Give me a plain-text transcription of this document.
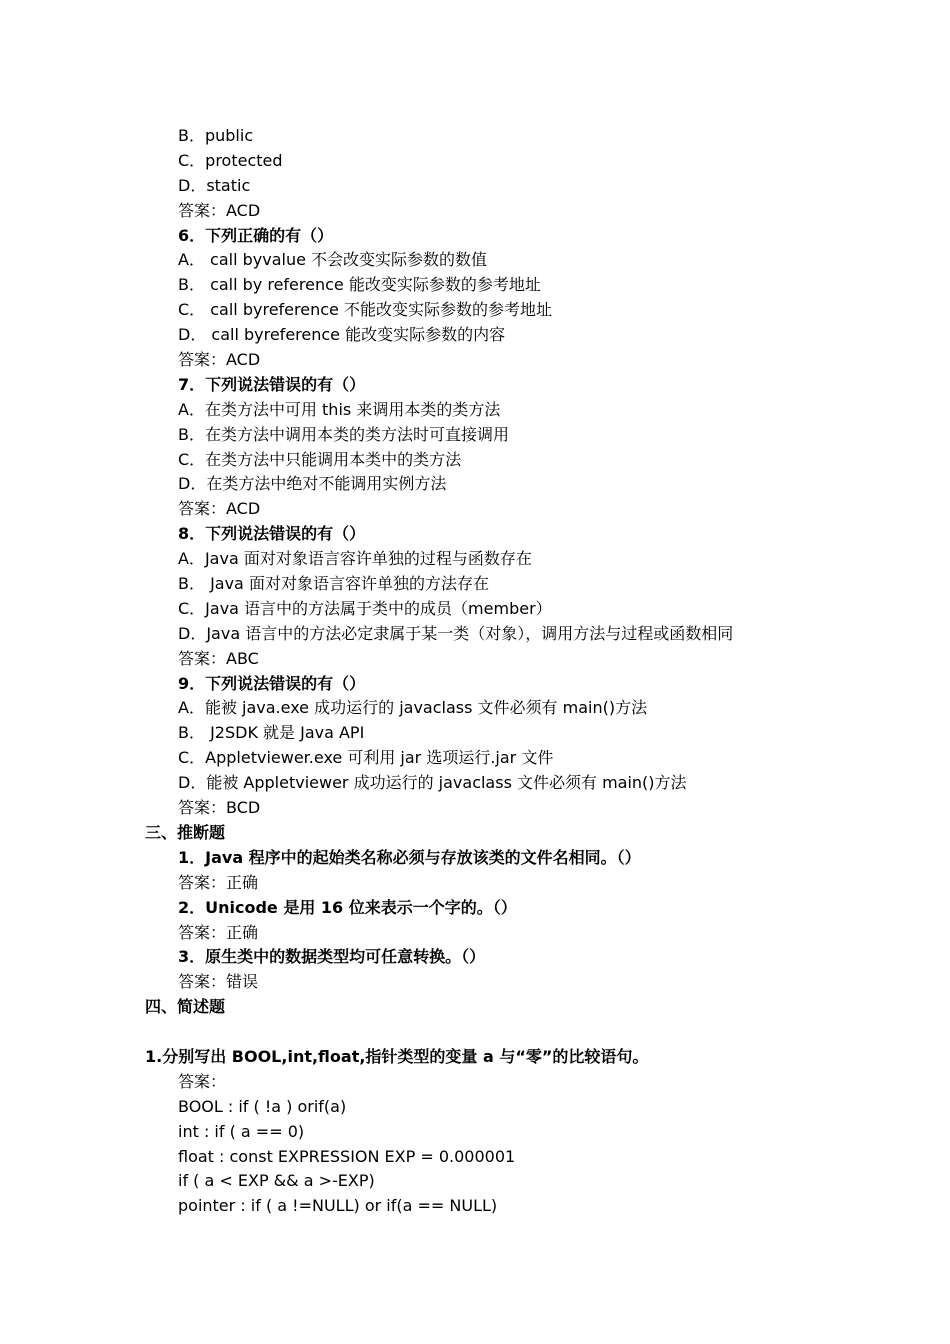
B．public
C．protected
D．static
答案：ACD
6．下列正确的有（）
A． call byvalue 不会改变实际参数的数值
B． call by reference 能改变实际参数的参考地址
C． call byreference 不能改变实际参数的参考地址
D． call byreference 能改变实际参数的内容
答案：ACD
7．下列说法错误的有（）
A．在类方法中可用 this 来调用本类的类方法
B．在类方法中调用本类的类方法时可直接调用
C．在类方法中只能调用本类中的类方法
D．在类方法中绝对不能调用实例方法
答案：ACD
8．下列说法错误的有（）
A．Java 面对对象语言容许单独的过程与函数存在
B． Java 面对对象语言容许单独的方法存在
C．Java 语言中的方法属于类中的成员（member）
D．Java 语言中的方法必定隶属于某一类（对象），调用方法与过程或函数相同
答案：ABC
9．下列说法错误的有（）
A．能被 java.exe 成功运行的 javaclass 文件必须有 main()方法
B． J2SDK 就是 Java API
C．Appletviewer.exe 可利用 jar 选项运行.jar 文件
D．能被 Appletviewer 成功运行的 javaclass 文件必须有 main()方法
答案：BCD
三、推断题
1．Java 程序中的起始类名称必须与存放该类的文件名相同。（）
答案：正确
2．Unicode 是用 16 位来表示一个字的。（）
答案：正确
3．原生类中的数据类型均可任意转换。（）
答案：错误
四、简述题
1.分别写出 BOOL,int,float,指针类型的变量 a 与“零”的比较语句。
答案：
BOOL : if ( !a ) orif(a)
int : if ( a == 0)
float : const EXPRESSION EXP = 0.000001
if ( a < EXP && a >-EXP)
pointer : if ( a !=NULL) or if(a == NULL)
